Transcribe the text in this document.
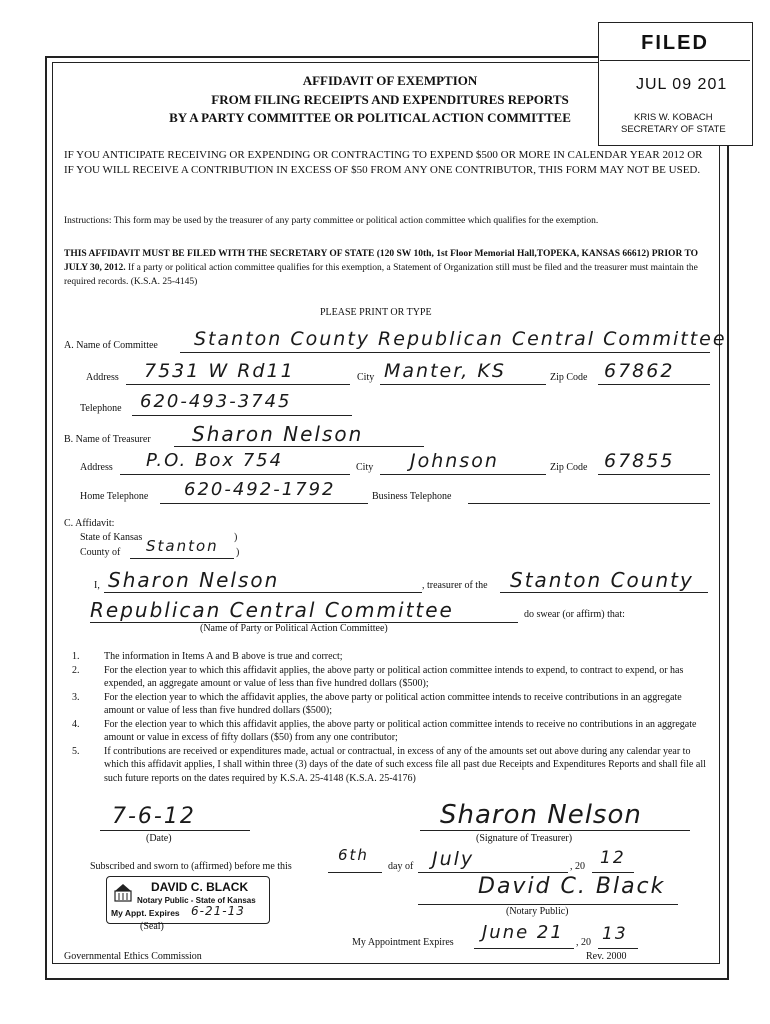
FILED
JUL 09 201
KRIS W. KOBACH
SECRETARY OF STATE
AFFIDAVIT OF EXEMPTION
FROM FILING RECEIPTS AND EXPENDITURES REPORTS
BY A PARTY COMMITTEE OR POLITICAL ACTION COMMITTEE
IF YOU ANTICIPATE RECEIVING OR EXPENDING OR CONTRACTING TO EXPEND $500 OR MORE IN CALENDAR YEAR 2012 OR IF YOU WILL RECEIVE A CONTRIBUTION IN EXCESS OF $50 FROM ANY ONE CONTRIBUTOR, THIS FORM MAY NOT BE USED.
Instructions: This form may be used by the treasurer of any party committee or political action committee which qualifies for the exemption.
THIS AFFIDAVIT MUST BE FILED WITH THE SECRETARY OF STATE (120 SW 10th, 1st Floor Memorial Hall,TOPEKA, KANSAS 66612) PRIOR TO JULY 30, 2012. If a party or political action committee qualifies for this exemption, a Statement of Organization still must be filed and the treasurer must maintain the required records. (K.S.A. 25-4145)
PLEASE PRINT OR TYPE
A. Name of Committee Stanton County Republican Central Committee
Address 7531 W Rd11	City Manter, KS	Zip Code 67862
Telephone 620-493-3745
B. Name of Treasurer Sharon Nelson
Address P.O. Box 754	City Johnson	Zip Code 67855
Home Telephone 620-492-1792	Business Telephone
C. Affidavit:
State of Kansas	)
County of Stanton )
I, Sharon Nelson	, treasurer of the Stanton County
Republican Central Committee	do swear (or affirm) that:
(Name of Party or Political Action Committee)
1.	The information in Items A and B above is true and correct;
2.	For the election year to which this affidavit applies, the above party or political action committee intends to expend, to contract to expend, or has expended, an aggregate amount or value of less than five hundred dollars ($500);
3.	For the election year to which the affidavit applies, the above party or political action committee intends to receive contributions in an aggregate amount or value of less than five hundred dollars ($500);
4.	For the election year to which this affidavit applies, the above party or political action committee intends to receive no contributions in an aggregate amount or value in excess of fifty dollars ($50) from any one contributor;
5.	If contributions are received or expenditures made, actual or contractual, in excess of any of the amounts set out above during any calendar year to which this affidavit applies, I shall within three (3) days of the date of such excess file all past due Receipts and Expenditures Reports and shall file all such future reports on the dates required by K.S.A. 25-4148 (K.S.A. 25-4176)
7-6-12
(Date)
Sharon Nelson
(Signature of Treasurer)
Subscribed and sworn to (affirmed) before me this
6th
day of July	, 20 12
DAVID C. BLACK
Notary Public - State of Kansas
My Appt. Expires 6-21-13
(Seal)
David C. Black
(Notary Public)
My Appointment Expires June 21 , 20 13
Governmental Ethics Commission	Rev. 2000
